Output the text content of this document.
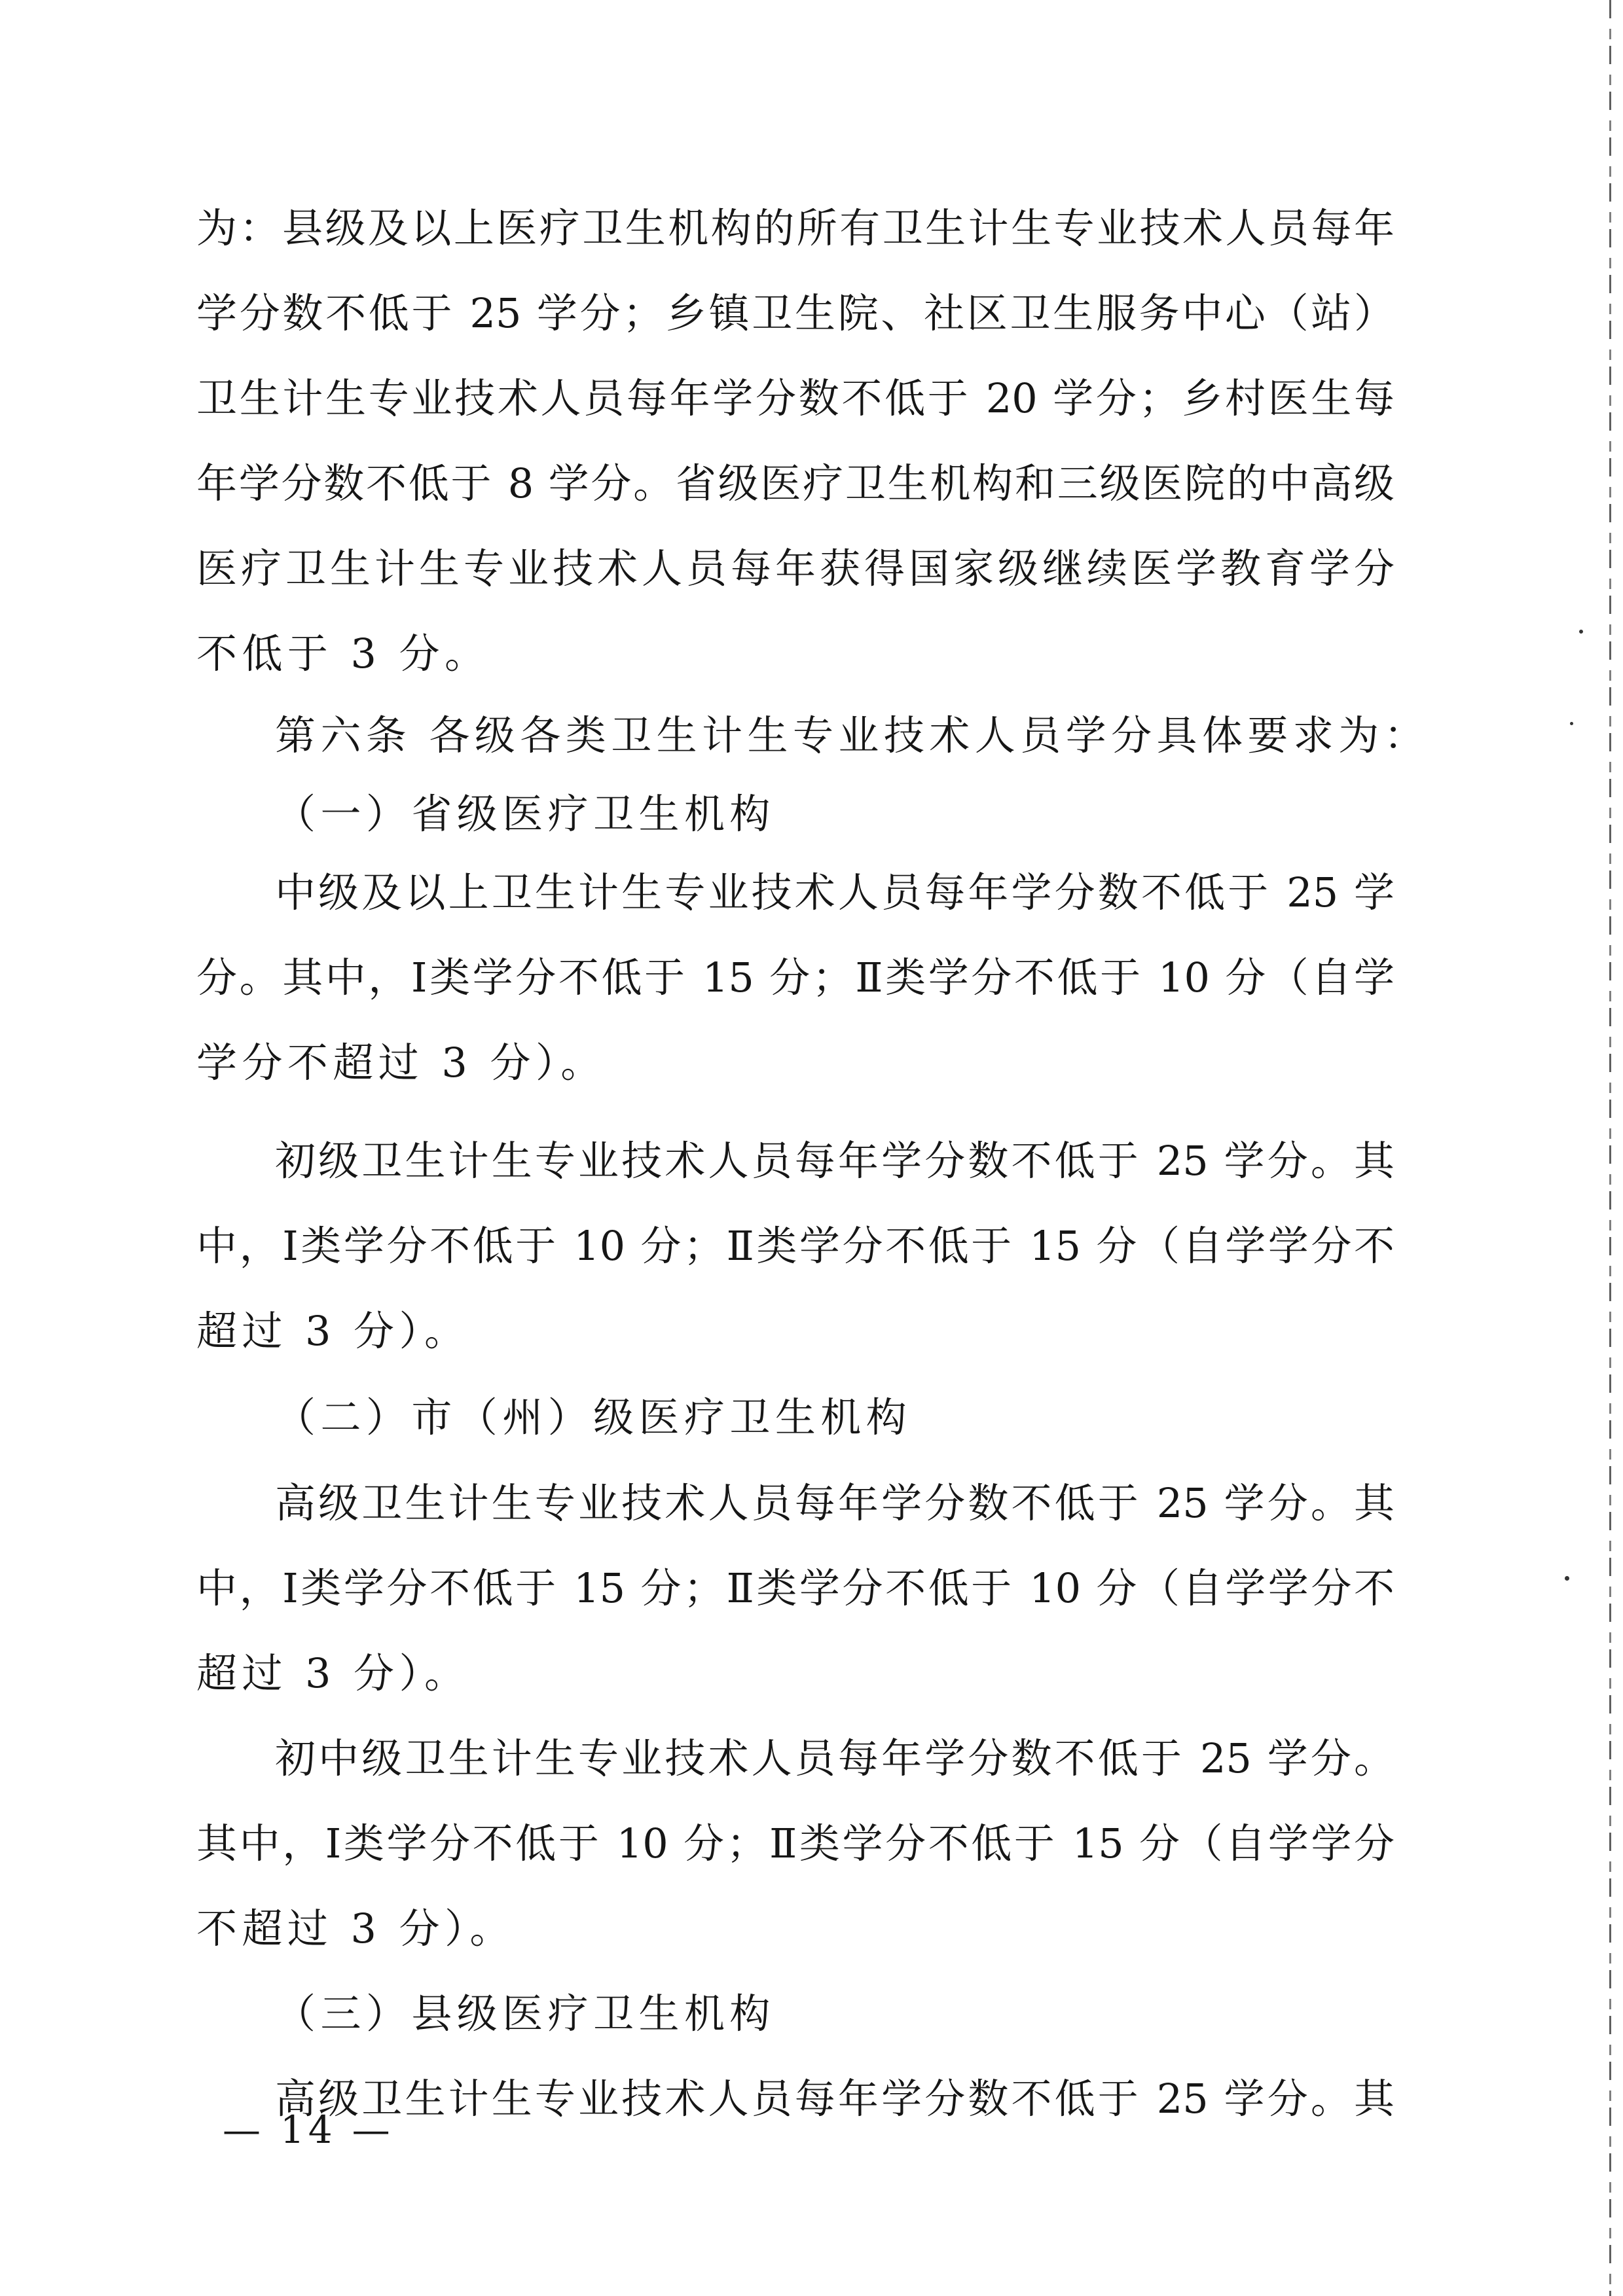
为：县级及以上医疗卫生机构的所有卫生计生专业技术人员每年
学分数不低于 25 学分；乡镇卫生院、社区卫生服务中心（站）
卫生计生专业技术人员每年学分数不低于 20 学分；乡村医生每
年学分数不低于 8 学分。省级医疗卫生机构和三级医院的中高级
医疗卫生计生专业技术人员每年获得国家级继续医学教育学分
不低于 3 分。
第六条 各级各类卫生计生专业技术人员学分具体要求为：
（一）省级医疗卫生机构
中级及以上卫生计生专业技术人员每年学分数不低于 25 学
分。其中，Ⅰ类学分不低于 15 分；Ⅱ类学分不低于 10 分（自学
学分不超过 3 分）。
初级卫生计生专业技术人员每年学分数不低于 25 学分。其
中，Ⅰ类学分不低于 10 分；Ⅱ类学分不低于 15 分（自学学分不
超过 3 分）。
（二）市（州）级医疗卫生机构
高级卫生计生专业技术人员每年学分数不低于 25 学分。其
中，Ⅰ类学分不低于 15 分；Ⅱ类学分不低于 10 分（自学学分不
超过 3 分）。
初中级卫生计生专业技术人员每年学分数不低于 25 学分。
其中，Ⅰ类学分不低于 10 分；Ⅱ类学分不低于 15 分（自学学分
不超过 3 分）。
（三）县级医疗卫生机构
高级卫生计生专业技术人员每年学分数不低于 25 学分。其
— 14 —
